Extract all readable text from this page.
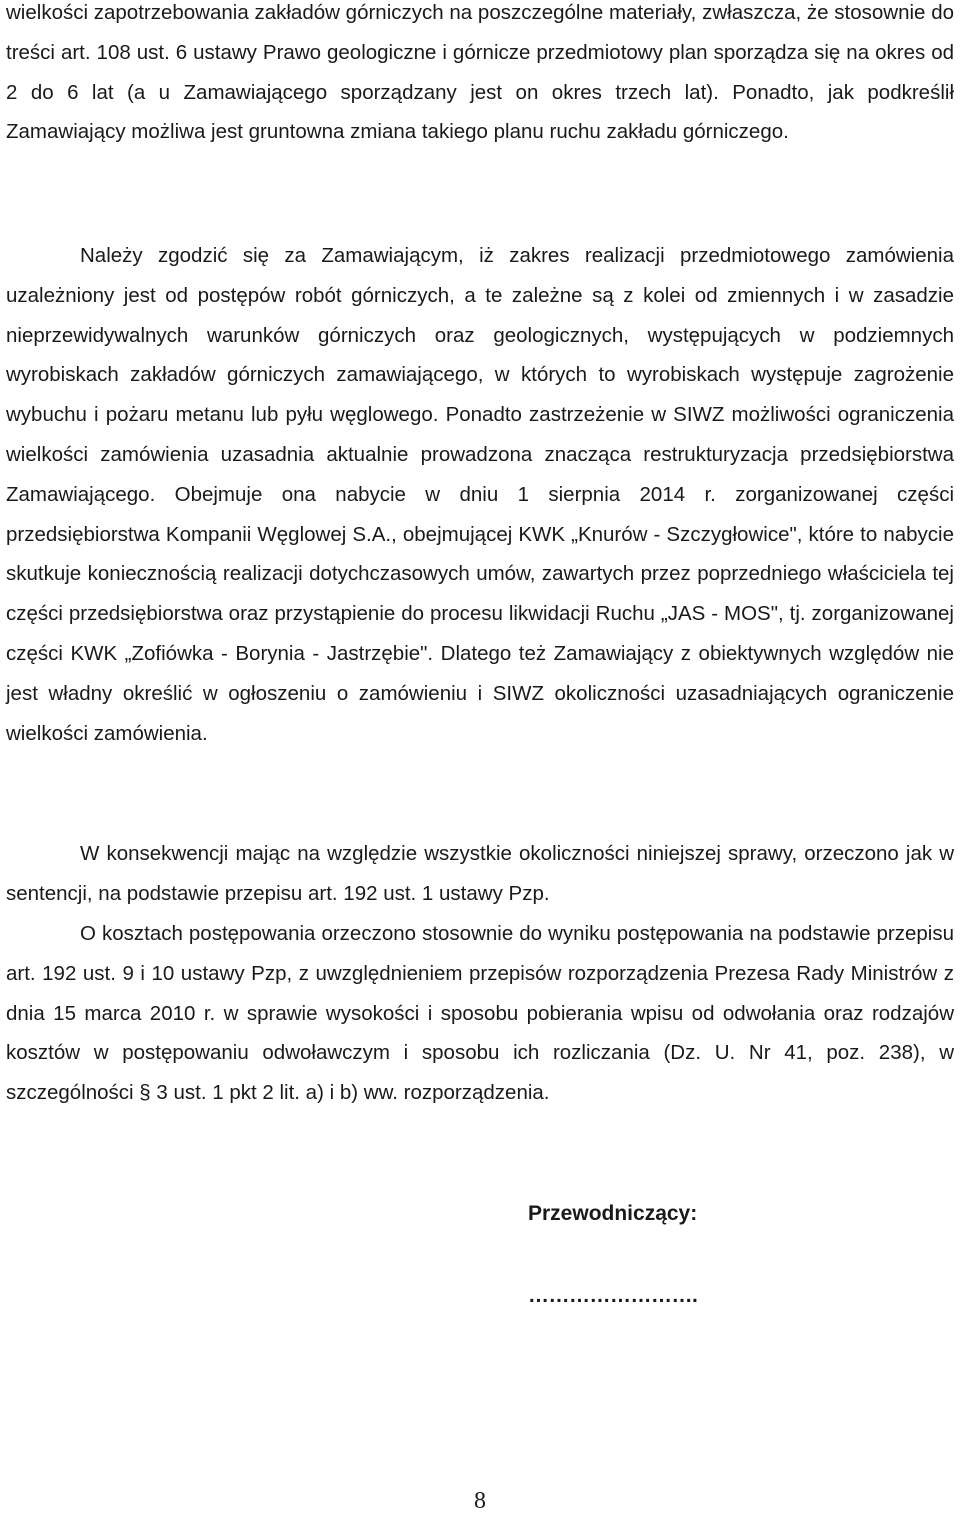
wielkości zapotrzebowania zakładów górniczych na poszczególne materiały, zwłaszcza, że stosownie do treści art. 108 ust. 6 ustawy Prawo geologiczne i górnicze przedmiotowy plan sporządza się na okres od 2 do 6 lat (a u Zamawiającego sporządzany jest on okres trzech lat). Ponadto, jak podkreślił Zamawiający możliwa jest gruntowna zmiana takiego planu ruchu zakładu górniczego.

Należy zgodzić się za Zamawiającym, iż zakres realizacji przedmiotowego zamówienia uzależniony jest od postępów robót górniczych, a te zależne są z kolei od zmiennych i w zasadzie nieprzewidywalnych warunków górniczych oraz geologicznych, występujących w podziemnych wyrobiskach zakładów górniczych zamawiającego, w których to wyrobiskach występuje zagrożenie wybuchu i pożaru metanu lub pyłu węglowego. Ponadto zastrzeżenie w SIWZ możliwości ograniczenia wielkości zamówienia uzasadnia aktualnie prowadzona znacząca restrukturyzacja przedsiębiorstwa Zamawiającego. Obejmuje ona nabycie w dniu 1 sierpnia 2014 r. zorganizowanej części przedsiębiorstwa Kompanii Węglowej S.A., obejmującej KWK „Knurów - Szczygłowice", które to nabycie skutkuje koniecznością realizacji dotychczasowych umów, zawartych przez poprzedniego właściciela tej części przedsiębiorstwa oraz przystąpienie do procesu likwidacji Ruchu „JAS - MOS", tj. zorganizowanej części KWK „Zofiówka - Borynia - Jastrzębie". Dlatego też Zamawiający z obiektywnych względów nie jest władny określić w ogłoszeniu o zamówieniu i SIWZ okoliczności uzasadniających ograniczenie wielkości zamówienia.

W konsekwencji mając na względzie wszystkie okoliczności niniejszej sprawy, orzeczono jak w sentencji, na podstawie przepisu art. 192 ust. 1 ustawy Pzp.

O kosztach postępowania orzeczono stosownie do wyniku postępowania na podstawie przepisu art. 192 ust. 9 i 10 ustawy Pzp, z uwzględnieniem przepisów rozporządzenia Prezesa Rady Ministrów z dnia 15 marca 2010 r. w sprawie wysokości i sposobu pobierania wpisu od odwołania oraz rodzajów kosztów w postępowaniu odwoławczym i sposobu ich rozliczania (Dz. U. Nr 41, poz. 238), w szczególności § 3 ust. 1 pkt 2 lit. a) i b) ww. rozporządzenia.

Przewodniczący:

…………………….

8
